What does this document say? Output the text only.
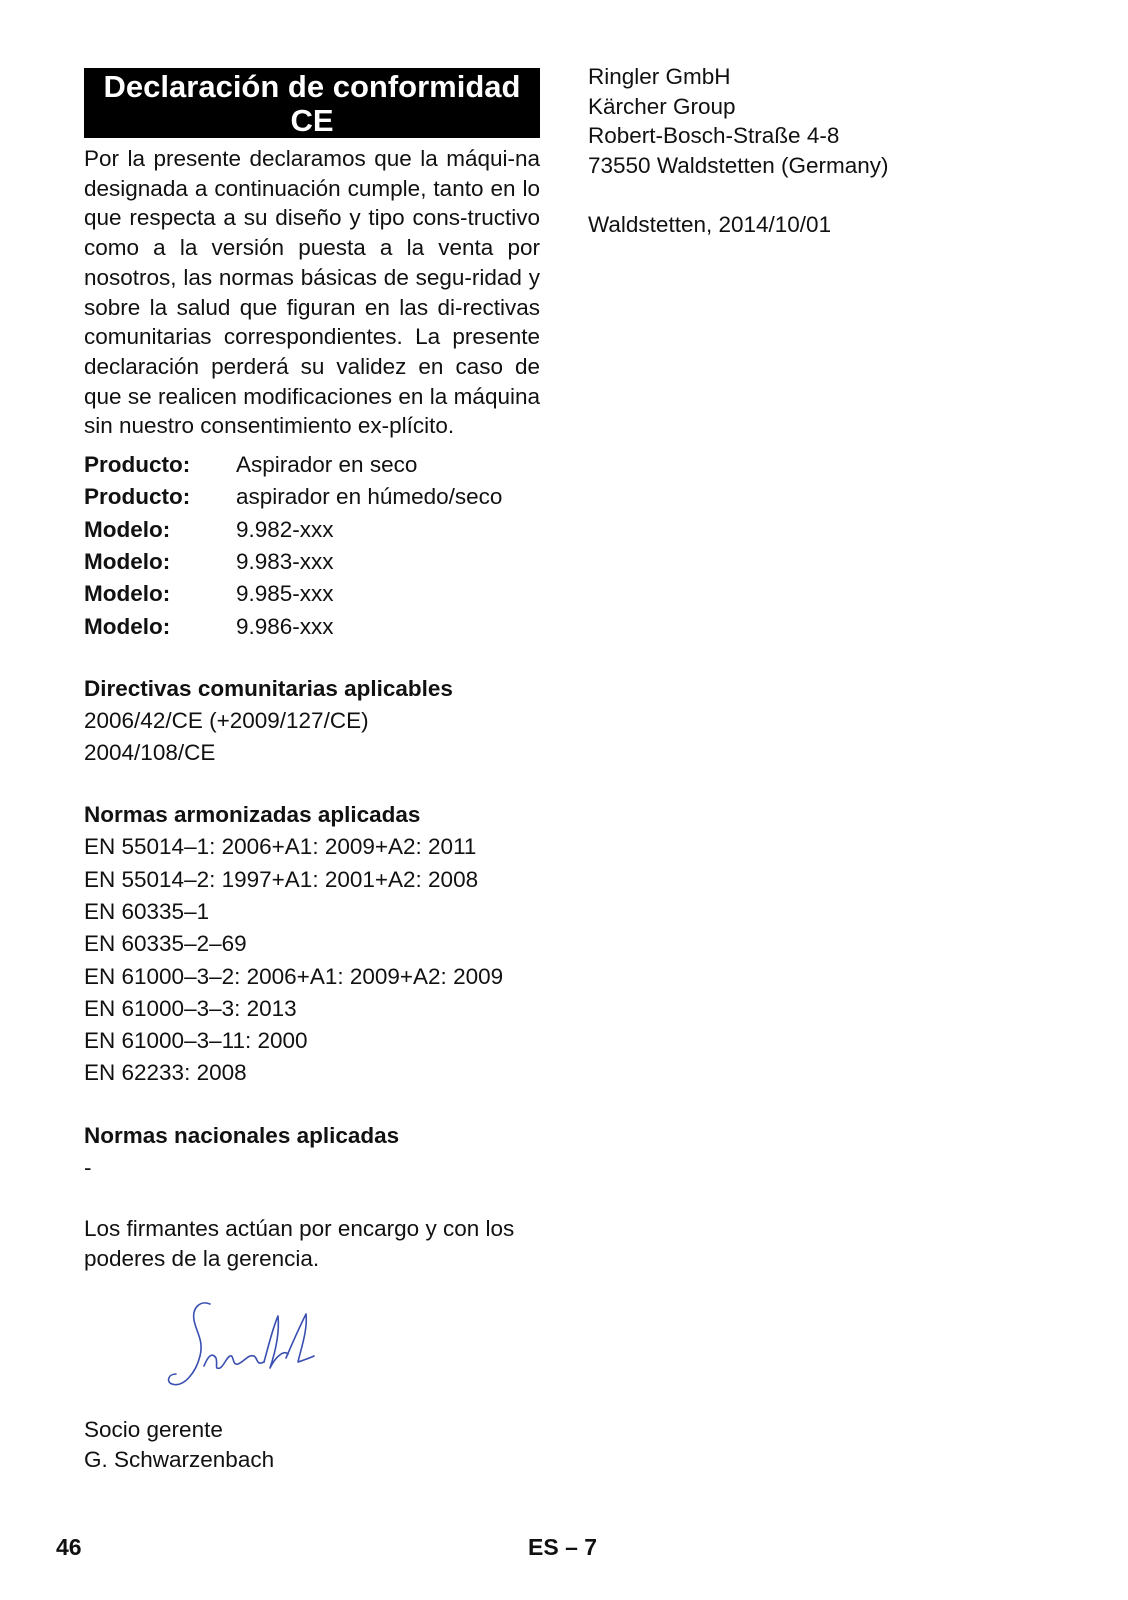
Declaración de conformidad
CE
Por la presente declaramos que la máqui-na designada a continuación cumple, tanto en lo que respecta a su diseño y tipo cons-tructivo como a la versión puesta a la venta por nosotros, las normas básicas de segu-ridad y sobre la salud que figuran en las di-rectivas comunitarias correspondientes. La presente declaración perderá su validez en caso de que se realicen modificaciones en la máquina sin nuestro consentimiento ex-plícito.
Producto:	Aspirador en seco
Producto:	aspirador en húmedo/seco
Modelo:	9.982-xxx
Modelo:	9.983-xxx
Modelo:	9.985-xxx
Modelo:	9.986-xxx
Directivas comunitarias aplicables
2006/42/CE (+2009/127/CE)
2004/108/CE
Normas armonizadas aplicadas
EN 55014–1: 2006+A1: 2009+A2: 2011
EN 55014–2: 1997+A1: 2001+A2: 2008
EN 60335–1
EN 60335–2–69
EN 61000–3–2: 2006+A1: 2009+A2: 2009
EN 61000–3–3: 2013
EN 61000–3–11: 2000
EN 62233: 2008
Normas nacionales aplicadas
-
Los firmantes actúan por encargo y con los poderes de la gerencia.
Socio gerente
G. Schwarzenbach
Ringler GmbH
Kärcher Group
Robert-Bosch-Straße 4-8
73550 Waldstetten (Germany)
Waldstetten, 2014/10/01
46	ES – 7
